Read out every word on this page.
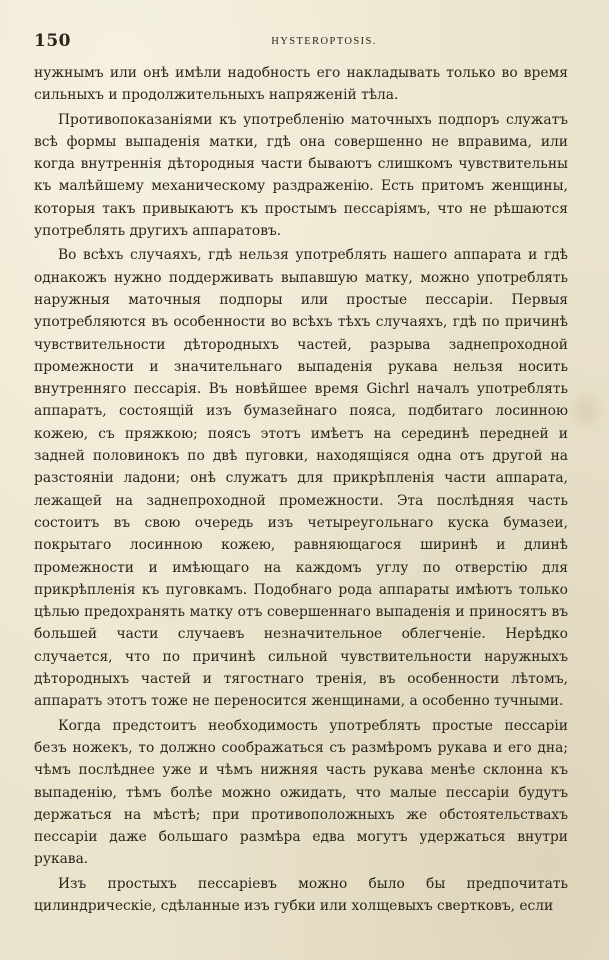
150	HYSTEROPTOSIS.

нужнымъ или онѣ имѣли надобность его накладывать только во время сильныхъ и продолжительныхъ напряженій тѣла.

Противопоказаніями къ употребленію маточныхъ подпоръ служатъ всѣ формы выпаденія матки, гдѣ она совершенно не вправима, или когда внутреннія дѣтородныя части бываютъ слишкомъ чувствительны къ малѣйшему механическому раздраженію. Есть притомъ женщины, которыя такъ привыкаютъ къ простымъ пессаріямъ, что не рѣшаются употреблять другихъ аппаратовъ.

Во всѣхъ случаяхъ, гдѣ нельзя употреблять нашего аппарата и гдѣ однакожъ нужно поддерживать выпавшую матку, можно употреблять наружныя маточныя подпоры или простые пессаріи. Первыя употребляются въ особенности во всѣхъ тѣхъ случаяхъ, гдѣ по причинѣ чувствительности дѣтородныхъ частей, разрыва заднепроходной промежности и значительнаго выпаденія рукава нельзя носить внутренняго пессарія. Въ новѣйшее время Gichrl началъ употреблять аппаратъ, состоящій изъ бумазейнаго пояса, подбитаго лосинною кожею, съ пряжкою; поясъ этотъ имѣетъ на серединѣ передней и задней половинокъ по двѣ пуговки, находящіяся одна отъ другой на разстояніи ладони; онѣ служатъ для прикрѣпленія части аппарата, лежащей на заднепроходной промежности. Эта послѣдняя часть состоитъ въ свою очередь изъ четыреугольнаго куска бумазеи, покрытаго лосинною кожею, равняющагося ширинѣ и длинѣ промежности и имѣющаго на каждомъ углу по отверстію для прикрѣпленія къ пуговкамъ. Подобнаго рода аппараты имѣютъ только цѣлью предохранять матку отъ совершеннаго выпаденія и приносятъ въ большей части случаевъ незначительное облегченіе. Нерѣдко случается, что по причинѣ сильной чувствительности наружныхъ дѣтородныхъ частей и тягостнаго тренія, въ особенности лѣтомъ, аппаратъ этотъ тоже не переносится женщинами, а особенно тучными.

Когда предстоитъ необходимость употреблять простые пессаріи безъ ножекъ, то должно соображаться съ размѣромъ рукава и его дна; чѣмъ послѣднее уже и чѣмъ нижняя часть рукава менѣе склонна къ выпаденію, тѣмъ болѣе можно ожидать, что малые пессаріи будутъ держаться на мѣстѣ; при противоположныхъ же обстоятельствахъ пессаріи даже большаго размѣра едва могутъ удержаться внутри рукава.

Изъ простыхъ пессаріевъ можно было бы предпочитать цилиндрическіе, сдѣланные изъ губки или холщевыхъ свертковъ, если
